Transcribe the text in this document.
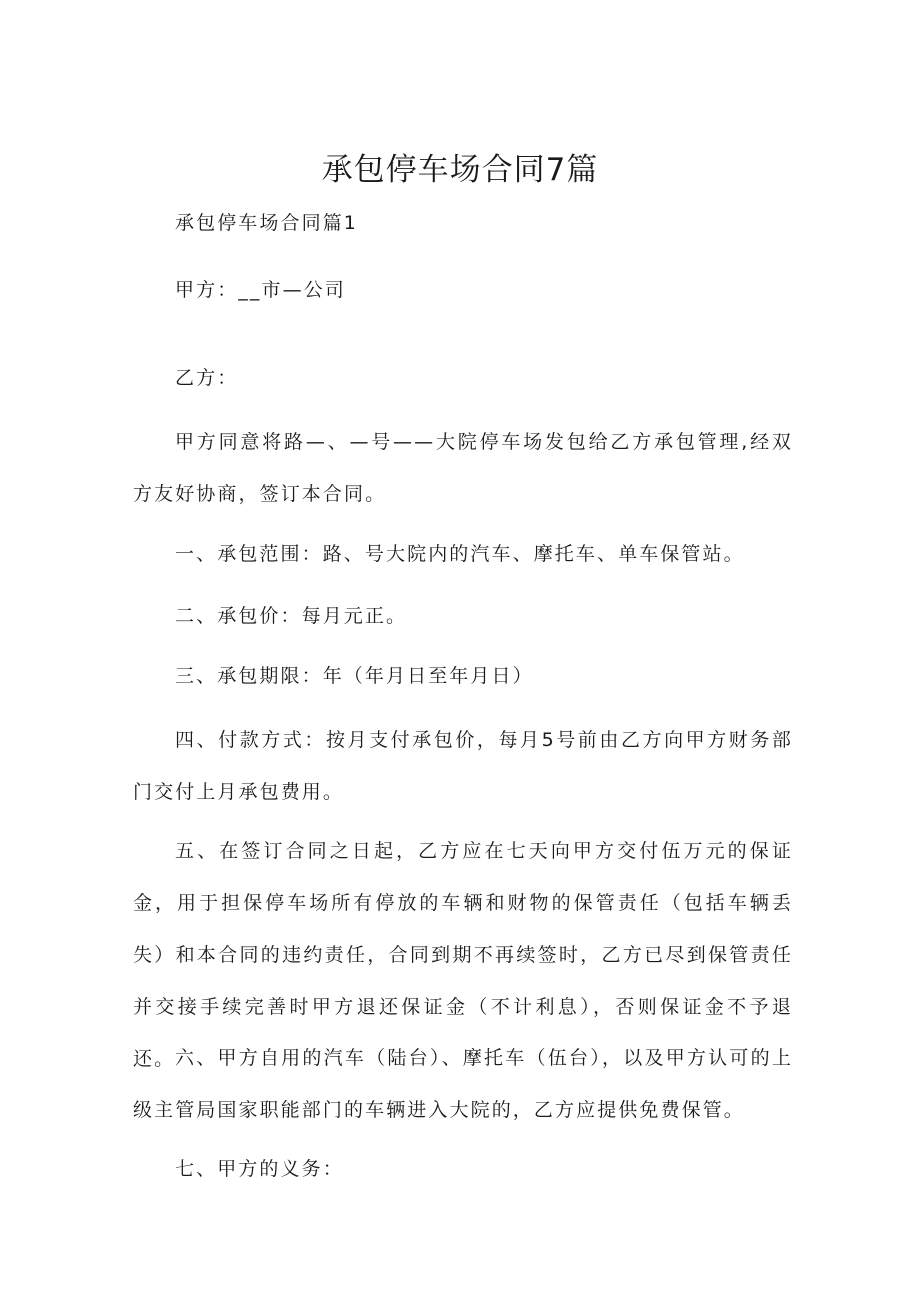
承包停车场合同7篇

承包停车场合同篇1

甲方：__市—公司

乙方：

甲方同意将路—、—号——大院停车场发包给乙方承包管理,经双方友好协商，签订本合同。

一、承包范围：路、号大院内的汽车、摩托车、单车保管站。

二、承包价：每月元正。

三、承包期限：年（年月日至年月日）

四、付款方式：按月支付承包价，每月5号前由乙方向甲方财务部门交付上月承包费用。

五、在签订合同之日起，乙方应在七天向甲方交付伍万元的保证金，用于担保停车场所有停放的车辆和财物的保管责任（包括车辆丢失）和本合同的违约责任，合同到期不再续签时，乙方已尽到保管责任并交接手续完善时甲方退还保证金（不计利息），否则保证金不予退还。 六、甲方自用的汽车（陆台）、摩托车（伍台），以及甲方认可的上级主管局国家职能部门的车辆进入大院的，乙方应提供免费保管。

七、甲方的义务：
